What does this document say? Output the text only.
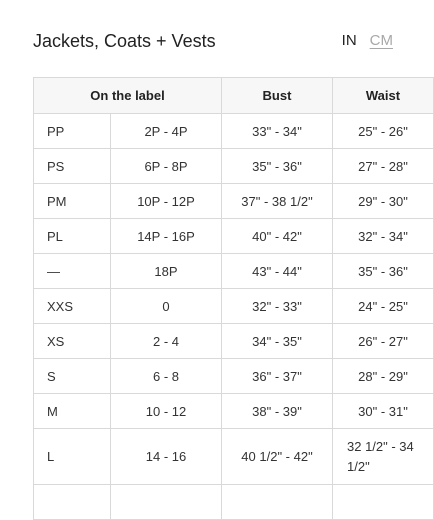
Jackets, Coats + Vests	IN CM
On the label		Bust	Waist
PP	2P - 4P	33" - 34"	25" - 26"
PS	6P - 8P	35" - 36"	27" - 28"
PM	10P - 12P	37" - 38 1/2"	29" - 30"
PL	14P - 16P	40" - 42"	32" - 34"
—	18P	43" - 44"	35" - 36"
XXS	0	32" - 33"	24" - 25"
XS	2 - 4	34" - 35"	26" - 27"
S	6 - 8	36" - 37"	28" - 29"
M	10 - 12	38" - 39"	30" - 31"
L	14 - 16	40 1/2" - 42"	32 1/2" - 34 1/2"
